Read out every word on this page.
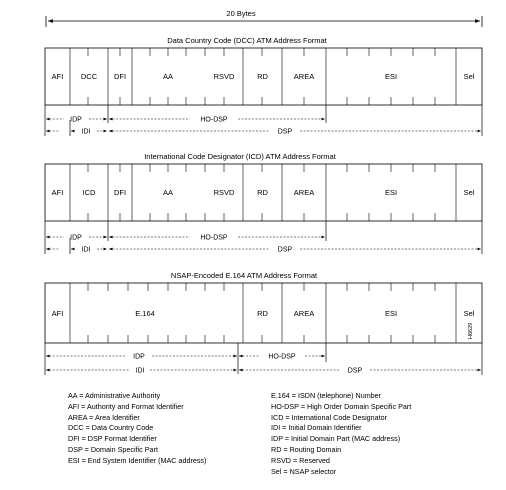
20 Bytes
Data Country Code (DCC) ATM Address Format
AFI DCC DFI	AA	RSVD	RD	AREA	ESI	Sel
IDP	HO-DSP
IDI	DSP
International Code Designator (ICD) ATM Address Format
AFI	ICD DFI	AA	RSVD	RD	AREA	ESI	Sel
IDP	HO-DSP
IDI	DSP
NSAP-Encoded E.164 ATM Address Format
AFI	E.164	RD	AREA	ESI	Sel
IDP	HO-DSP
IDI	DSP
H6629
AA = Administrative Authority
AFI = Authority and Format Identifier
AREA = Area Identifier
DCC = Data Country Code
DFI = DSP Format Identifier
DSP = Domain Specific Part
ESI = End System Identifier (MAC address)
E.164 = ISDN (telephone) Number
HO-DSP = High Order Domain Specific Part
ICD = International Code Designator
IDI = Initial Domain Identifier
IDP = Initial Domain Part (MAC address)
RD = Routing Domain
RSVD = Reserved
Sel = NSAP selector
